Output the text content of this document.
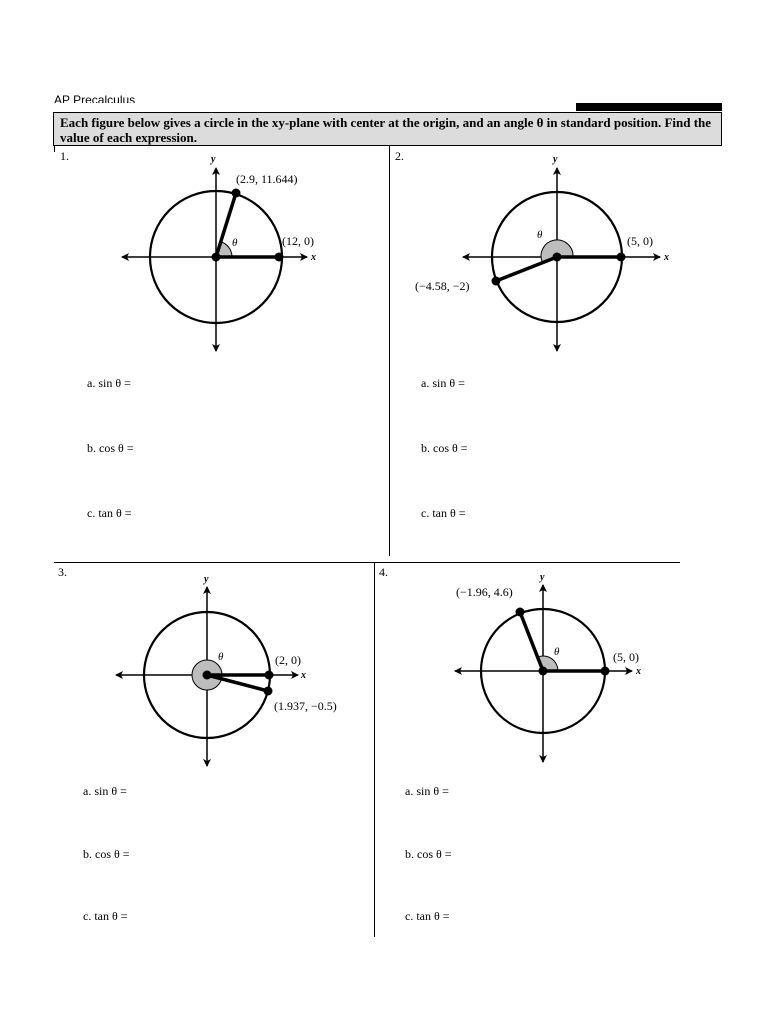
AP Precalculus
Each figure below gives a circle in the xy-plane with center at the origin, and an angle θ in standard position. Find the value of each expression.
1.
θ
x
y
(2.9, 11.644)
(12, 0)
2.
θ
x
y
(−4.58, −2)
(5, 0)
a. sin θ =
b. cos θ =
c. tan θ =
a. sin θ =
b. cos θ =
c. tan θ =
3.
θ
x
y
(1.937, −0.5)
(2, 0)
4.
θ
x
y
(−1.96, 4.6)
(5, 0)
a. sin θ =
b. cos θ =
c. tan θ =
a. sin θ =
b. cos θ =
c. tan θ =
